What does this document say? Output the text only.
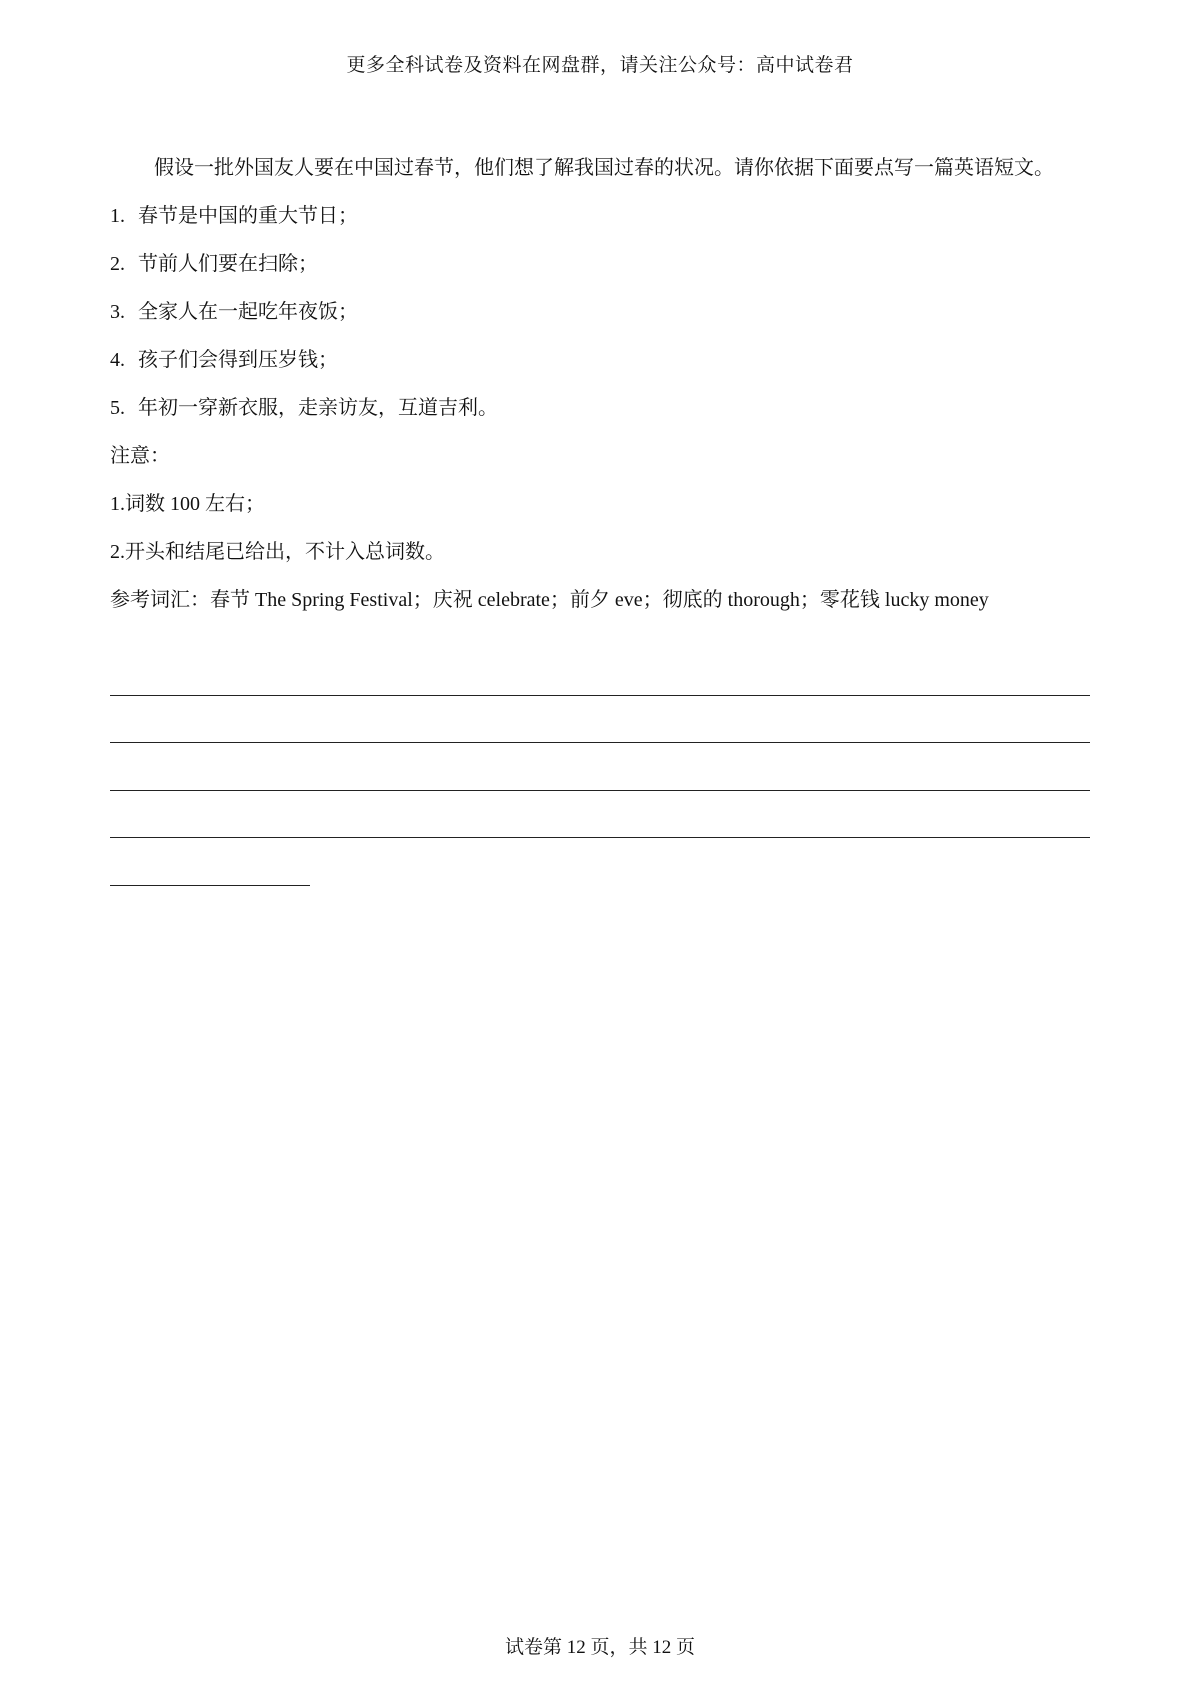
更多全科试卷及资料在网盘群，请关注公众号：高中试卷君
假设一批外国友人要在中国过春节，他们想了解我国过春的状况。请你依据下面要点写一篇英语短文。
1. 春节是中国的重大节日；
2. 节前人们要在扫除；
3. 全家人在一起吃年夜饭；
4. 孩子们会得到压岁钱；
5. 年初一穿新衣服，走亲访友，互道吉利。
注意：
1.词数 100 左右；
2.开头和结尾已给出，不计入总词数。
参考词汇：春节 The Spring Festival；庆祝 celebrate；前夕 eve；彻底的 thorough；零花钱 lucky money
试卷第 12 页，共 12 页
